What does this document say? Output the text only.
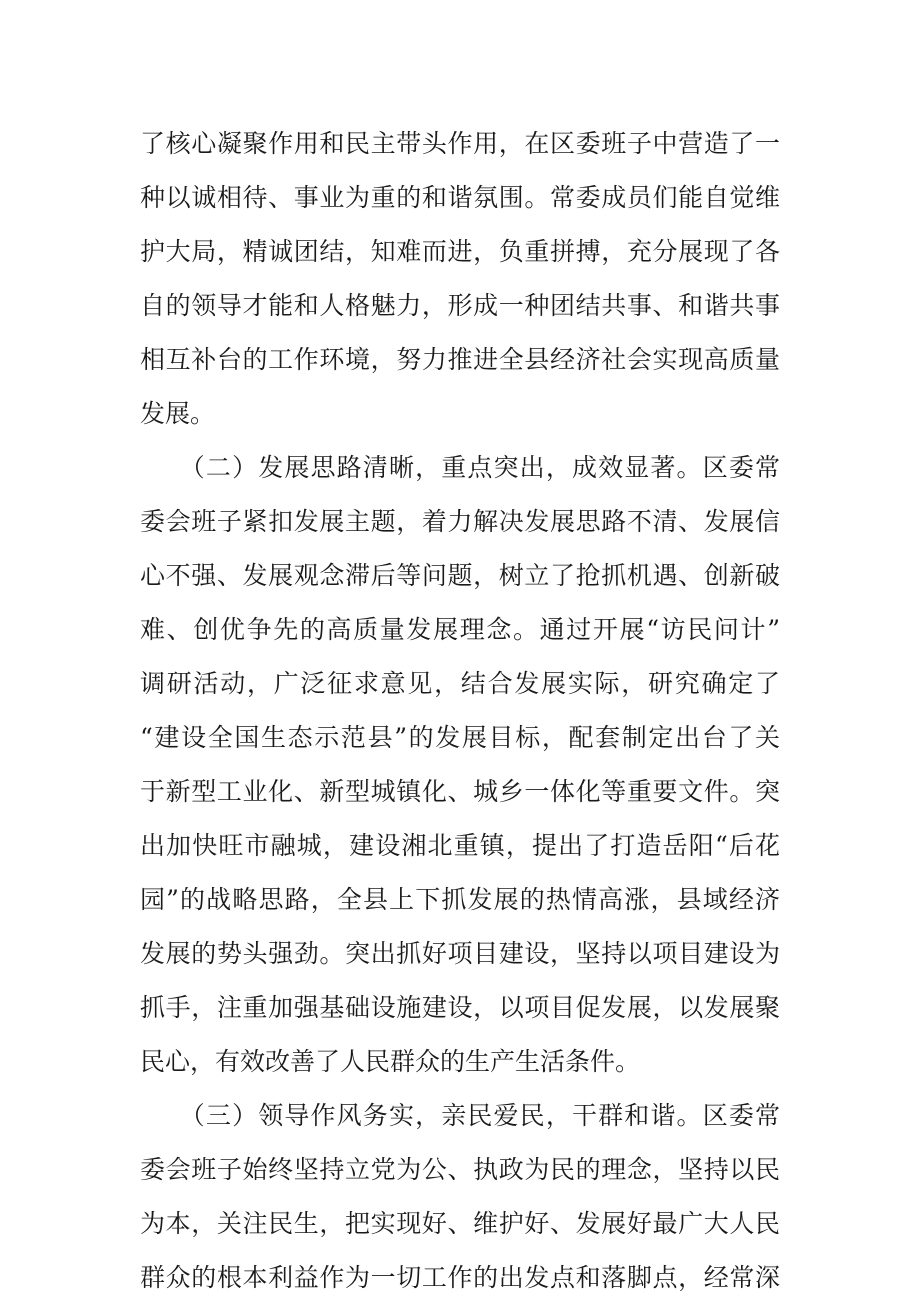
了核心凝聚作用和民主带头作用，在区委班子中营造了一
种以诚相待、事业为重的和谐氛围。常委成员们能自觉维
护大局，精诚团结，知难而进，负重拼搏，充分展现了各
自的领导才能和人格魅力，形成一种团结共事、和谐共事
相互补台的工作环境，努力推进全县经济社会实现高质量
发展。
　　（二）发展思路清晰，重点突出，成效显著。区委常
委会班子紧扣发展主题，着力解决发展思路不清、发展信
心不强、发展观念滞后等问题，树立了抢抓机遇、创新破
难、创优争先的高质量发展理念。通过开展“访民问计”
调研活动，广泛征求意见，结合发展实际，研究确定了
“建设全国生态示范县”的发展目标，配套制定出台了关
于新型工业化、新型城镇化、城乡一体化等重要文件。突
出加快旺市融城，建设湘北重镇，提出了打造岳阳“后花
园”的战略思路，全县上下抓发展的热情高涨，县域经济
发展的势头强劲。突出抓好项目建设，坚持以项目建设为
抓手，注重加强基础设施建设，以项目促发展，以发展聚
民心，有效改善了人民群众的生产生活条件。
　　（三）领导作风务实，亲民爱民，干群和谐。区委常
委会班子始终坚持立党为公、执政为民的理念，坚持以民
为本，关注民生，把实现好、维护好、发展好最广大人民
群众的根本利益作为一切工作的出发点和落脚点，经常深
